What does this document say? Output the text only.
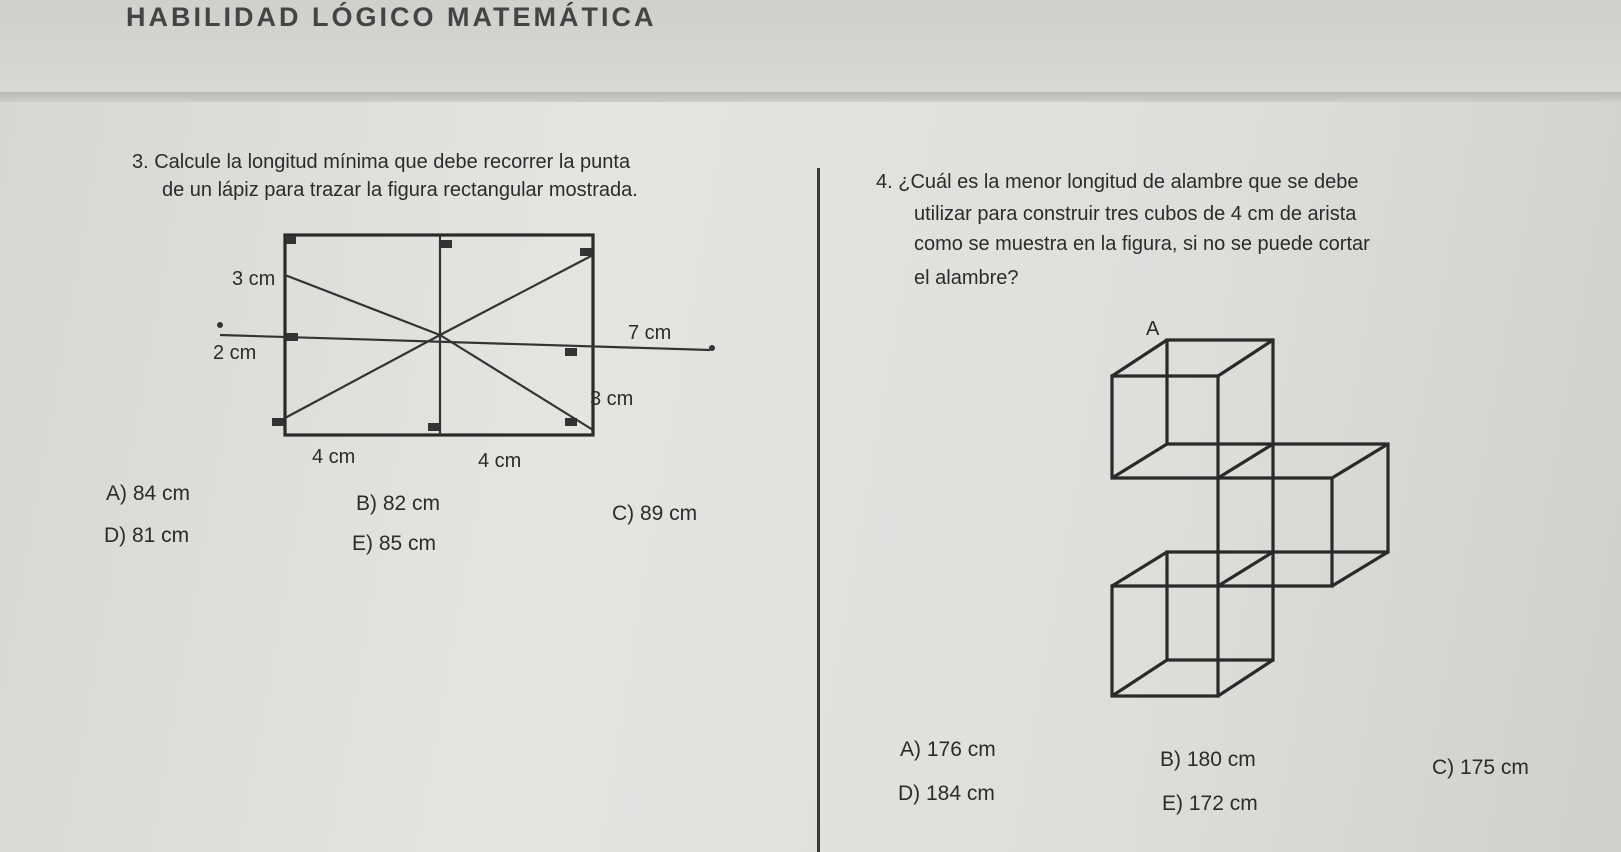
HABILIDAD LÓGICO MATEMÁTICA

3. Calcule la longitud mínima que debe recorrer la punta

de un lápiz para trazar la figura rectangular mostrada.

3 cm

2 cm

7 cm

3 cm

4 cm	4 cm

A) 84 cm	B) 82 cm	C) 89 cm

D) 81 cm	E) 85 cm

4. ¿Cuál es la menor longitud de alambre que se debe

utilizar para construir tres cubos de 4 cm de arista

como se muestra en la figura, si no se puede cortar

el alambre?

A

A) 176 cm	B) 180 cm	C) 175 cm

D) 184 cm	E) 172 cm
